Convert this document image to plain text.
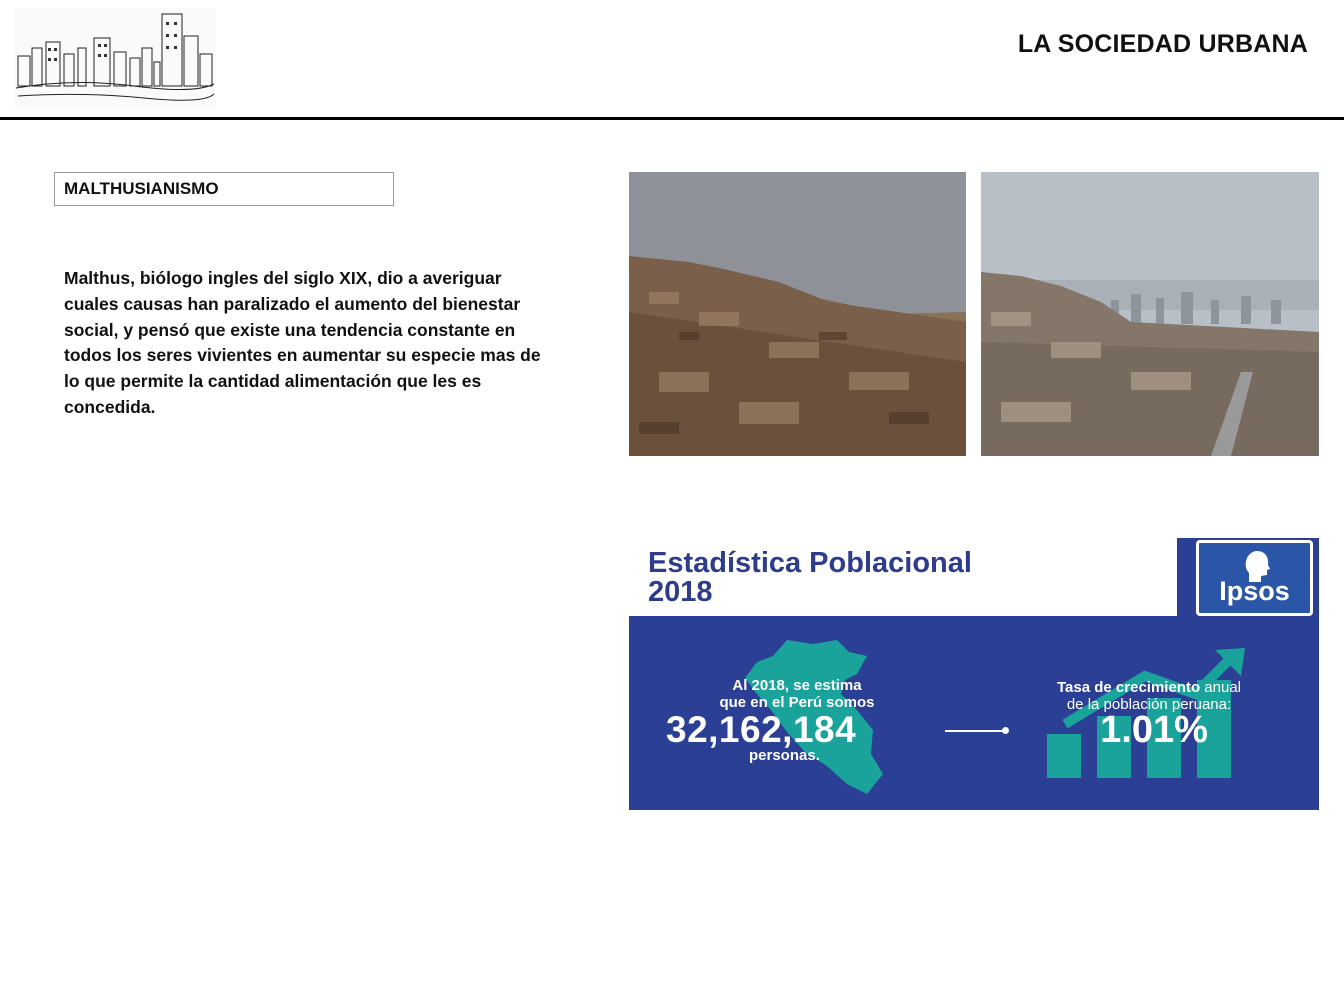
LA SOCIEDAD URBANA
MALTHUSIANISMO
Malthus, biólogo ingles del siglo XIX, dio a averiguar cuales causas han paralizado el aumento del bienestar social, y pensó que existe una tendencia constante en todos los seres vivientes en aumentar su especie mas de lo que permite la cantidad alimentación que les es concedida.
Estadística Poblacional
2018	Ipsos
Al 2018, se estima
que en el Perú somos
32,162,184
personas.
Tasa de crecimiento anual
de la población peruana:
1.01%
